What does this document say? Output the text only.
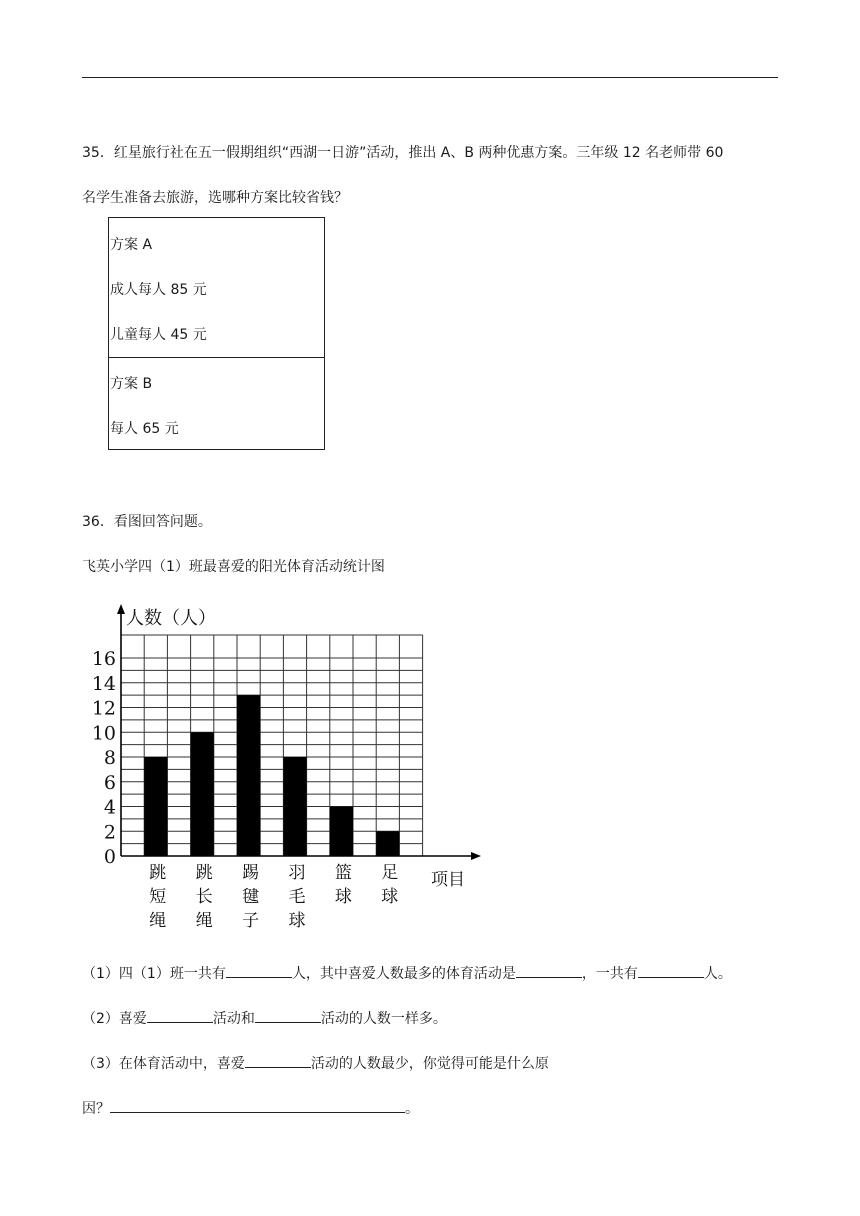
35．红星旅行社在五一假期组织“西湖一日游”活动，推出 A、B 两种优惠方案。三年级 12 名老师带 60
名学生准备去旅游，选哪种方案比较省钱？
方案 A
成人每人 85 元
儿童每人 45 元
方案 B
每人 65 元
36．看图回答问题。
飞英小学四（1）班最喜爱的阳光体育活动统计图
0
2
4
6
8
10
12
14
16
跳
短
绳
跳
长
绳
踢
毽
子
羽
毛
球
篮
球
足
球
人数（人）
项目
（1）四（1）班一共有	人，其中喜爱人数最多的体育活动是	，一共有	人。
（2）喜爱	活动和	活动的人数一样多。
（3）在体育活动中，喜爱	活动的人数最少，你觉得可能是什么原
因？	。
